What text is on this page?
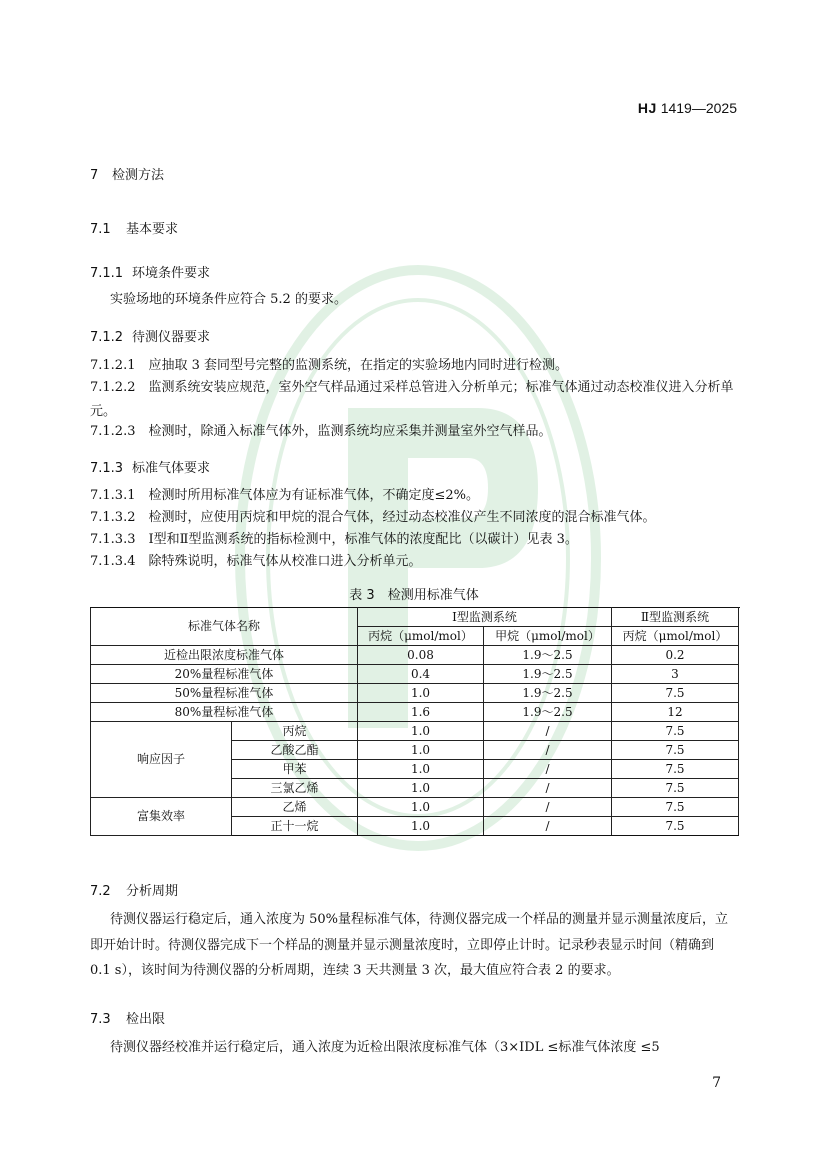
HJ 1419—2025
7 检测方法
7.1 基本要求
7.1.1 环境条件要求
实验场地的环境条件应符合 5.2 的要求。
7.1.2 待测仪器要求
7.1.2.1　应抽取 3 套同型号完整的监测系统，在指定的实验场地内同时进行检测。
7.1.2.2　监测系统安装应规范，室外空气样品通过采样总管进入分析单元；标准气体通过动态校准仪进入分析单元。
7.1.2.3　检测时，除通入标准气体外，监测系统均应采集并测量室外空气样品。
7.1.3 标准气体要求
7.1.3.1　检测时所用标准气体应为有证标准气体，不确定度≤2%。
7.1.3.2　检测时，应使用丙烷和甲烷的混合气体，经过动态校准仪产生不同浓度的混合标准气体。
7.1.3.3　Ⅰ型和Ⅱ型监测系统的指标检测中，标准气体的浓度配比（以碳计）见表 3。
7.1.3.4　除特殊说明，标准气体从校准口进入分析单元。
表 3　检测用标准气体
标准气体名称		Ⅰ型监测系统		Ⅱ型监测系统	
		丙烷（μmol/mol）	甲烷（μmol/mol）	丙烷（μmol/mol）	
近检出限浓度标准气体		0.08	1.9～2.5	0.2	
20%量程标准气体		0.4	1.9～2.5	3	
50%量程标准气体		1.0	1.9～2.5	7.5	
80%量程标准气体		1.6	1.9～2.5	12	
响应因子	丙烷	1.0	/	7.5	
	乙酸乙酯	1.0	/	7.5	
	甲苯	1.0	/	7.5	
	三氯乙烯	1.0	/	7.5	
富集效率	乙烯	1.0	/	7.5	
	正十一烷	1.0	/	7.5	
7.2 分析周期
待测仪器运行稳定后，通入浓度为 50%量程标准气体，待测仪器完成一个样品的测量并显示测量浓度后，立即开始计时。待测仪器完成下一个样品的测量并显示测量浓度时，立即停止计时。记录秒表显示时间（精确到 0.1 s），该时间为待测仪器的分析周期，连续 3 天共测量 3 次，最大值应符合表 2 的要求。
7.3 检出限
待测仪器经校准并运行稳定后，通入浓度为近检出限浓度标准气体（3×IDL ≤标准气体浓度 ≤5
7
